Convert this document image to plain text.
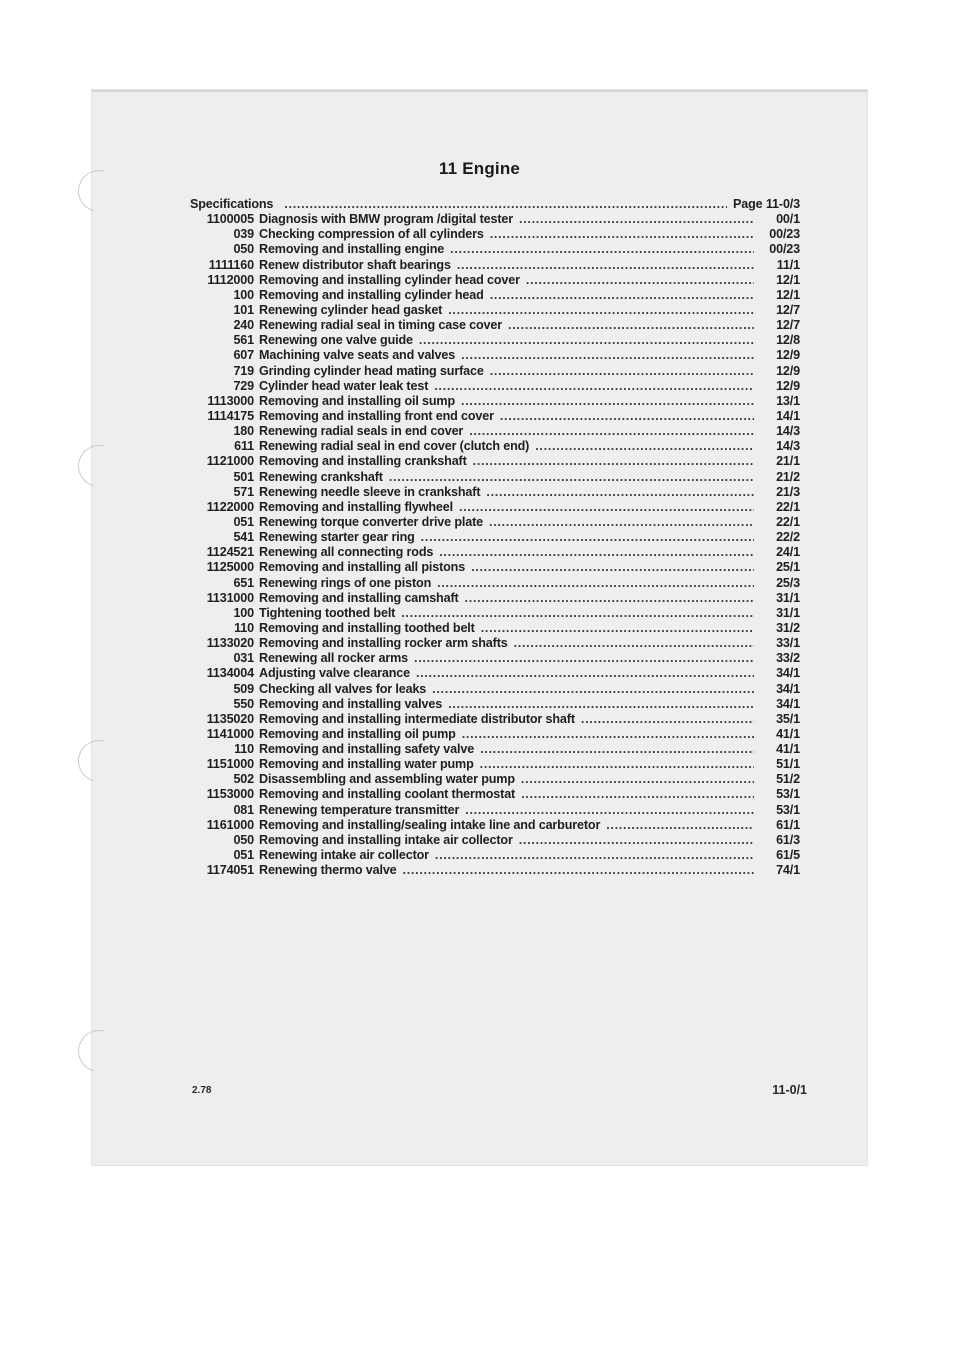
11 Engine
Specifications . . .	Page 11-0/3
1100005 Diagnosis with BMW program /digital tester . . .	00/1
039 Checking compression of all cylinders . . .	00/23
050 Removing and installing engine . . .	00/23
1111160 Renew distributor shaft bearings . . .	11/1
1112000 Removing and installing cylinder head cover . . .	12/1
100 Removing and installing cylinder head . . .	12/1
101 Renewing cylinder head gasket . . .	12/7
240 Renewing radial seal in timing case cover . . .	12/7
561 Renewing one valve guide . . .	12/8
607 Machining valve seats and valves . . .	12/9
719 Grinding cylinder head mating surface . . .	12/9
729 Cylinder head water leak test . . .	12/9
1113000 Removing and installing oil sump . . .	13/1
1114175 Removing and installing front end cover . . .	14/1
180 Renewing radial seals in end cover . . .	14/3
611 Renewing radial seal in end cover (clutch end) . . .	14/3
1121000 Removing and installing crankshaft . . .	21/1
501 Renewing crankshaft . . .	21/2
571 Renewing needle sleeve in crankshaft . . .	21/3
1122000 Removing and installing flywheel . . .	22/1
051 Renewing torque converter drive plate . . .	22/1
541 Renewing starter gear ring . . .	22/2
1124521 Renewing all connecting rods . . .	24/1
1125000 Removing and installing all pistons . . .	25/1
651 Renewing rings of one piston . . .	25/3
1131000 Removing and installing camshaft . . .	31/1
100 Tightening toothed belt . . .	31/1
110 Removing and installing toothed belt . . .	31/2
1133020 Removing and installing rocker arm shafts . . .	33/1
031 Renewing all rocker arms . . .	33/2
1134004 Adjusting valve clearance . . .	34/1
509 Checking all valves for leaks . . .	34/1
550 Removing and installing valves . . .	34/1
1135020 Removing and installing intermediate distributor shaft . . .	35/1
1141000 Removing and installing oil pump . . .	41/1
110 Removing and installing safety valve . . .	41/1
1151000 Removing and installing water pump . . .	51/1
502 Disassembling and assembling water pump . . .	51/2
1153000 Removing and installing coolant thermostat . . .	53/1
081 Renewing temperature transmitter . . .	53/1
1161000 Removing and installing/sealing intake line and carburetor . . .	61/1
050 Removing and installing intake air collector . . .	61/3
051 Renewing intake air collector . . .	61/5
1174051 Renewing thermo valve . . .	74/1
2.78	11-0/1
